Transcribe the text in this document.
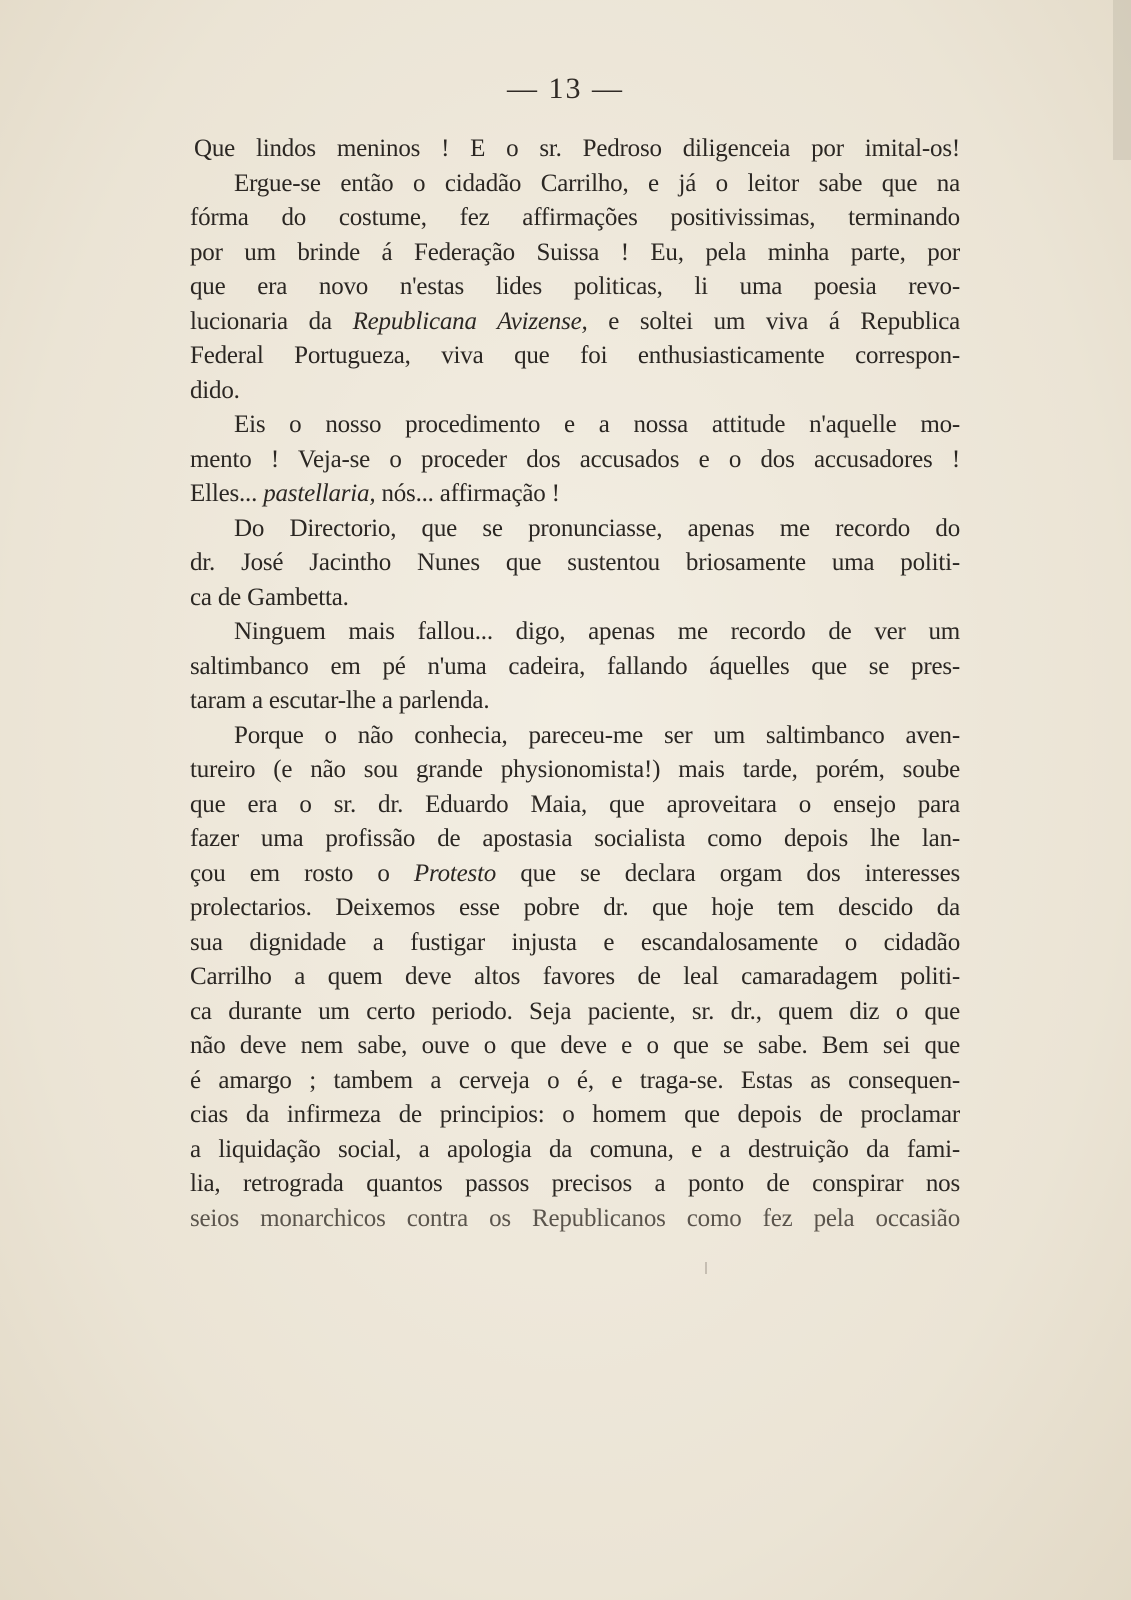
— 13 —
Que lindos meninos ! E o sr. Pedroso diligenceia por imital-os!
Ergue-se então o cidadão Carrilho, e já o leitor sabe que na
fórma do costume, fez affirmações positivissimas, terminando
por um brinde á Federação Suissa ! Eu, pela minha parte, por
que era novo n'estas lides politicas, li uma poesia revo-
lucionaria da Republicana Avizense, e soltei um viva á Republica
Federal Portugueza, viva que foi enthusiasticamente correspon-
dido.
Eis o nosso procedimento e a nossa attitude n'aquelle mo-
mento ! Veja-se o proceder dos accusados e o dos accusadores !
Elles... pastellaria, nós... affirmação !
Do Directorio, que se pronunciasse, apenas me recordo do
dr. José Jacintho Nunes que sustentou briosamente uma politi-
ca de Gambetta.
Ninguem mais fallou... digo, apenas me recordo de ver um
saltimbanco em pé n'uma cadeira, fallando áquelles que se pres-
taram a escutar-lhe a parlenda.
Porque o não conhecia, pareceu-me ser um saltimbanco aven-
tureiro (e não sou grande physionomista!) mais tarde, porém, soube
que era o sr. dr. Eduardo Maia, que aproveitara o ensejo para
fazer uma profissão de apostasia socialista como depois lhe lan-
çou em rosto o Protesto que se declara orgam dos interesses
prolectarios. Deixemos esse pobre dr. que hoje tem descido da
sua dignidade a fustigar injusta e escandalosamente o cidadão
Carrilho a quem deve altos favores de leal camaradagem politi-
ca durante um certo periodo. Seja paciente, sr. dr., quem diz o que
não deve nem sabe, ouve o que deve e o que se sabe. Bem sei que
é amargo ; tambem a cerveja o é, e traga-se. Estas as consequen-
cias da infirmeza de principios: o homem que depois de proclamar
a liquidação social, a apologia da comuna, e a destruição da fami-
lia, retrograda quantos passos precisos a ponto de conspirar nos
seios monarchicos contra os Republicanos como fez pela occasião
